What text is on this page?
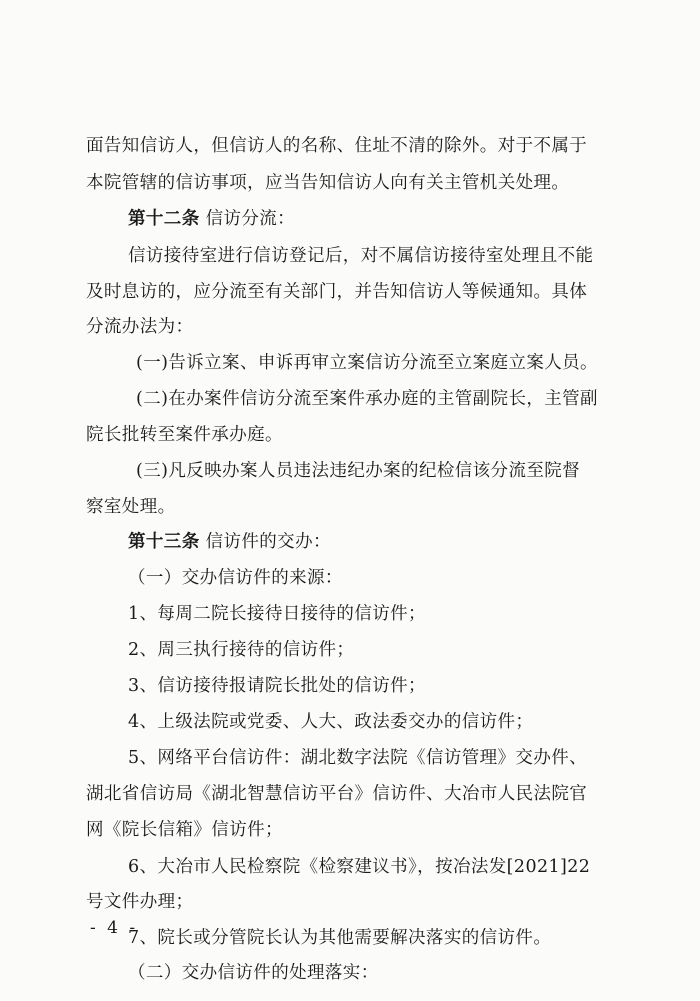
面告知信访人，但信访人的名称、住址不清的除外。对于不属于
本院管辖的信访事项，应当告知信访人向有关主管机关处理。
第十二条 信访分流：
信访接待室进行信访登记后，对不属信访接待室处理且不能
及时息访的，应分流至有关部门，并告知信访人等候通知。具体
分流办法为：
(一)告诉立案、申诉再审立案信访分流至立案庭立案人员。
(二)在办案件信访分流至案件承办庭的主管副院长，主管副
院长批转至案件承办庭。
(三)凡反映办案人员违法违纪办案的纪检信该分流至院督
察室处理。
第十三条 信访件的交办：
（一）交办信访件的来源：
1、每周二院长接待日接待的信访件；
2、周三执行接待的信访件；
3、信访接待报请院长批处的信访件；
4、上级法院或党委、人大、政法委交办的信访件；
5、网络平台信访件：湖北数字法院《信访管理》交办件、
湖北省信访局《湖北智慧信访平台》信访件、大冶市人民法院官
网《院长信箱》信访件；
6、大冶市人民检察院《检察建议书》，按冶法发[2021]22
号文件办理；
7、院长或分管院长认为其他需要解决落实的信访件。
（二）交办信访件的处理落实：
- 4 -
